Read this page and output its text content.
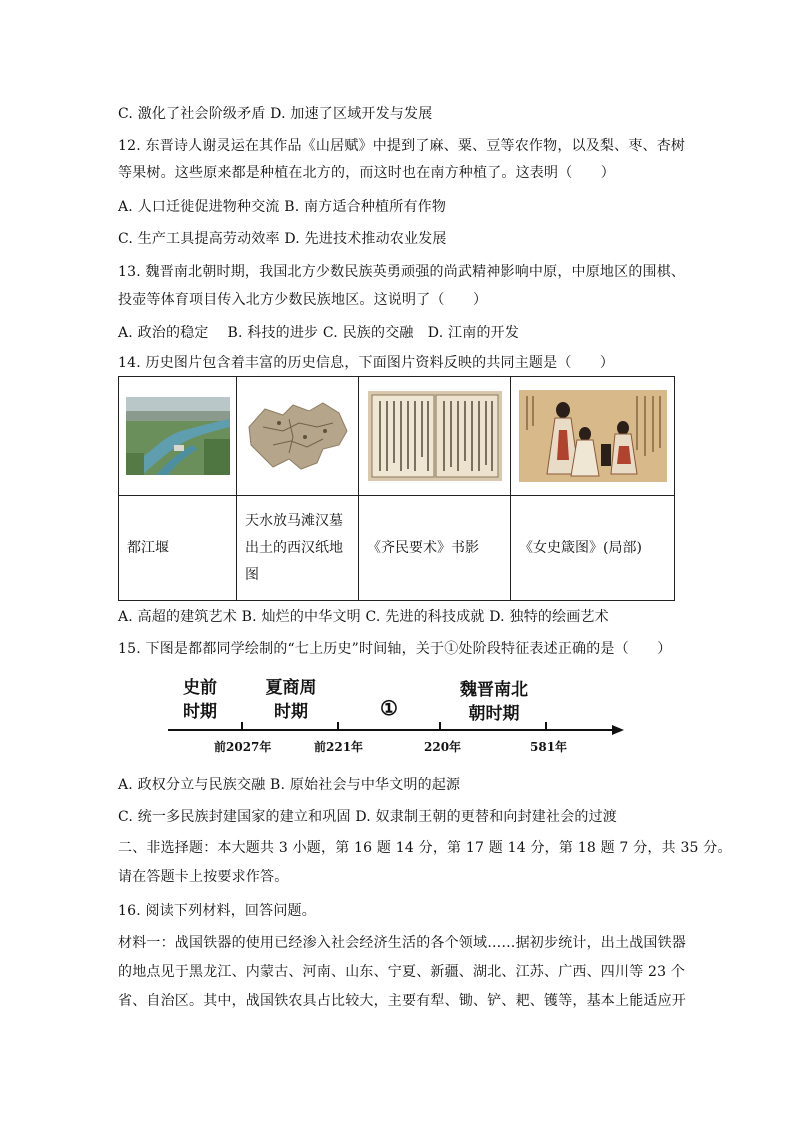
C. 激化了社会阶级矛盾 D. 加速了区域开发与发展
12. 东晋诗人谢灵运在其作品《山居赋》中提到了麻、粟、豆等农作物，以及梨、枣、杏树
等果树。这些原来都是种植在北方的，而这时也在南方种植了。这表明（　　）
A. 人口迁徙促进物种交流 B. 南方适合种植所有作物
C. 生产工具提高劳动效率 D. 先进技术推动农业发展
13. 魏晋南北朝时期，我国北方少数民族英勇顽强的尚武精神影响中原，中原地区的围棋、
投壶等体育项目传入北方少数民族地区。这说明了（　　）
A. 政治的稳定　 B. 科技的进步 C. 民族的交融　D. 江南的开发
14. 历史图片包含着丰富的历史信息，下面图片资料反映的共同主题是（　　）

都江堰	天水放马滩汉墓
出土的西汉纸地
图	《齐民要术》书影	《女史箴图》(局部)
A. 高超的建筑艺术 B. 灿烂的中华文明 C. 先进的科技成就 D. 独特的绘画艺术
15. 下图是都都同学绘制的“七上历史”时间轴，关于①处阶段特征表述正确的是（　　）
史前
时期
夏商周
时期	①
魏晋南北
朝时期
前2027年	前221年	220年	581年
A. 政权分立与民族交融 B. 原始社会与中华文明的起源
C. 统一多民族封建国家的建立和巩固 D. 奴隶制王朝的更替和向封建社会的过渡
二、非选择题：本大题共 3 小题，第 16 题 14 分，第 17 题 14 分，第 18 题 7 分，共 35 分。
请在答题卡上按要求作答。
16. 阅读下列材料，回答问题。
材料一：战国铁器的使用已经渗入社会经济生活的各个领域……据初步统计，出土战国铁器
的地点见于黑龙江、内蒙古、河南、山东、宁夏、新疆、湖北、江苏、广西、四川等 23 个
省、自治区。其中，战国铁农具占比较大，主要有犁、锄、铲、耙、镬等，基本上能适应开
